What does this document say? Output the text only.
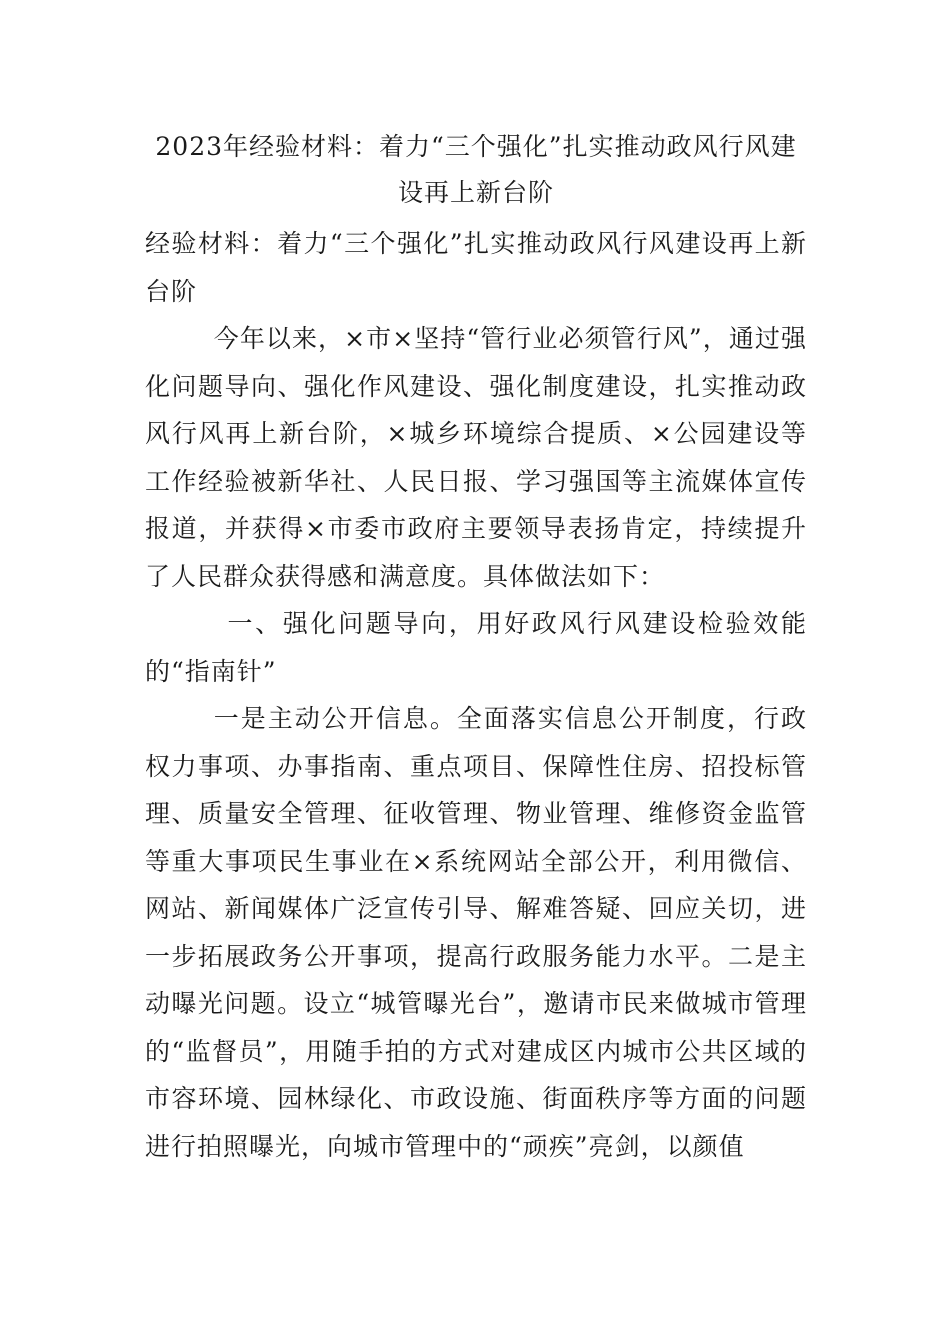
2023年经验材料：着力“三个强化”扎实推动政风行风建设再上新台阶

经验材料：着力“三个强化”扎实推动政风行风建设再上新台阶

今年以来，×市×坚持“管行业必须管行风”，通过强化问题导向、强化作风建设、强化制度建设，扎实推动政风行风再上新台阶，×城乡环境综合提质、×公园建设等工作经验被新华社、人民日报、学习强国等主流媒体宣传报道，并获得×市委市政府主要领导表扬肯定，持续提升了人民群众获得感和满意度。具体做法如下：

一、强化问题导向，用好政风行风建设检验效能的“指南针”

一是主动公开信息。全面落实信息公开制度，行政权力事项、办事指南、重点项目、保障性住房、招投标管理、质量安全管理、征收管理、物业管理、维修资金监管等重大事项民生事业在×系统网站全部公开，利用微信、网站、新闻媒体广泛宣传引导、解难答疑、回应关切，进一步拓展政务公开事项，提高行政服务能力水平。二是主动曝光问题。设立“城管曝光台”，邀请市民来做城市管理的“监督员”，用随手拍的方式对建成区内城市公共区域的市容环境、园林绿化、市政设施、街面秩序等方面的问题进行拍照曝光，向城市管理中的“顽疾”亮剑，以颜值
